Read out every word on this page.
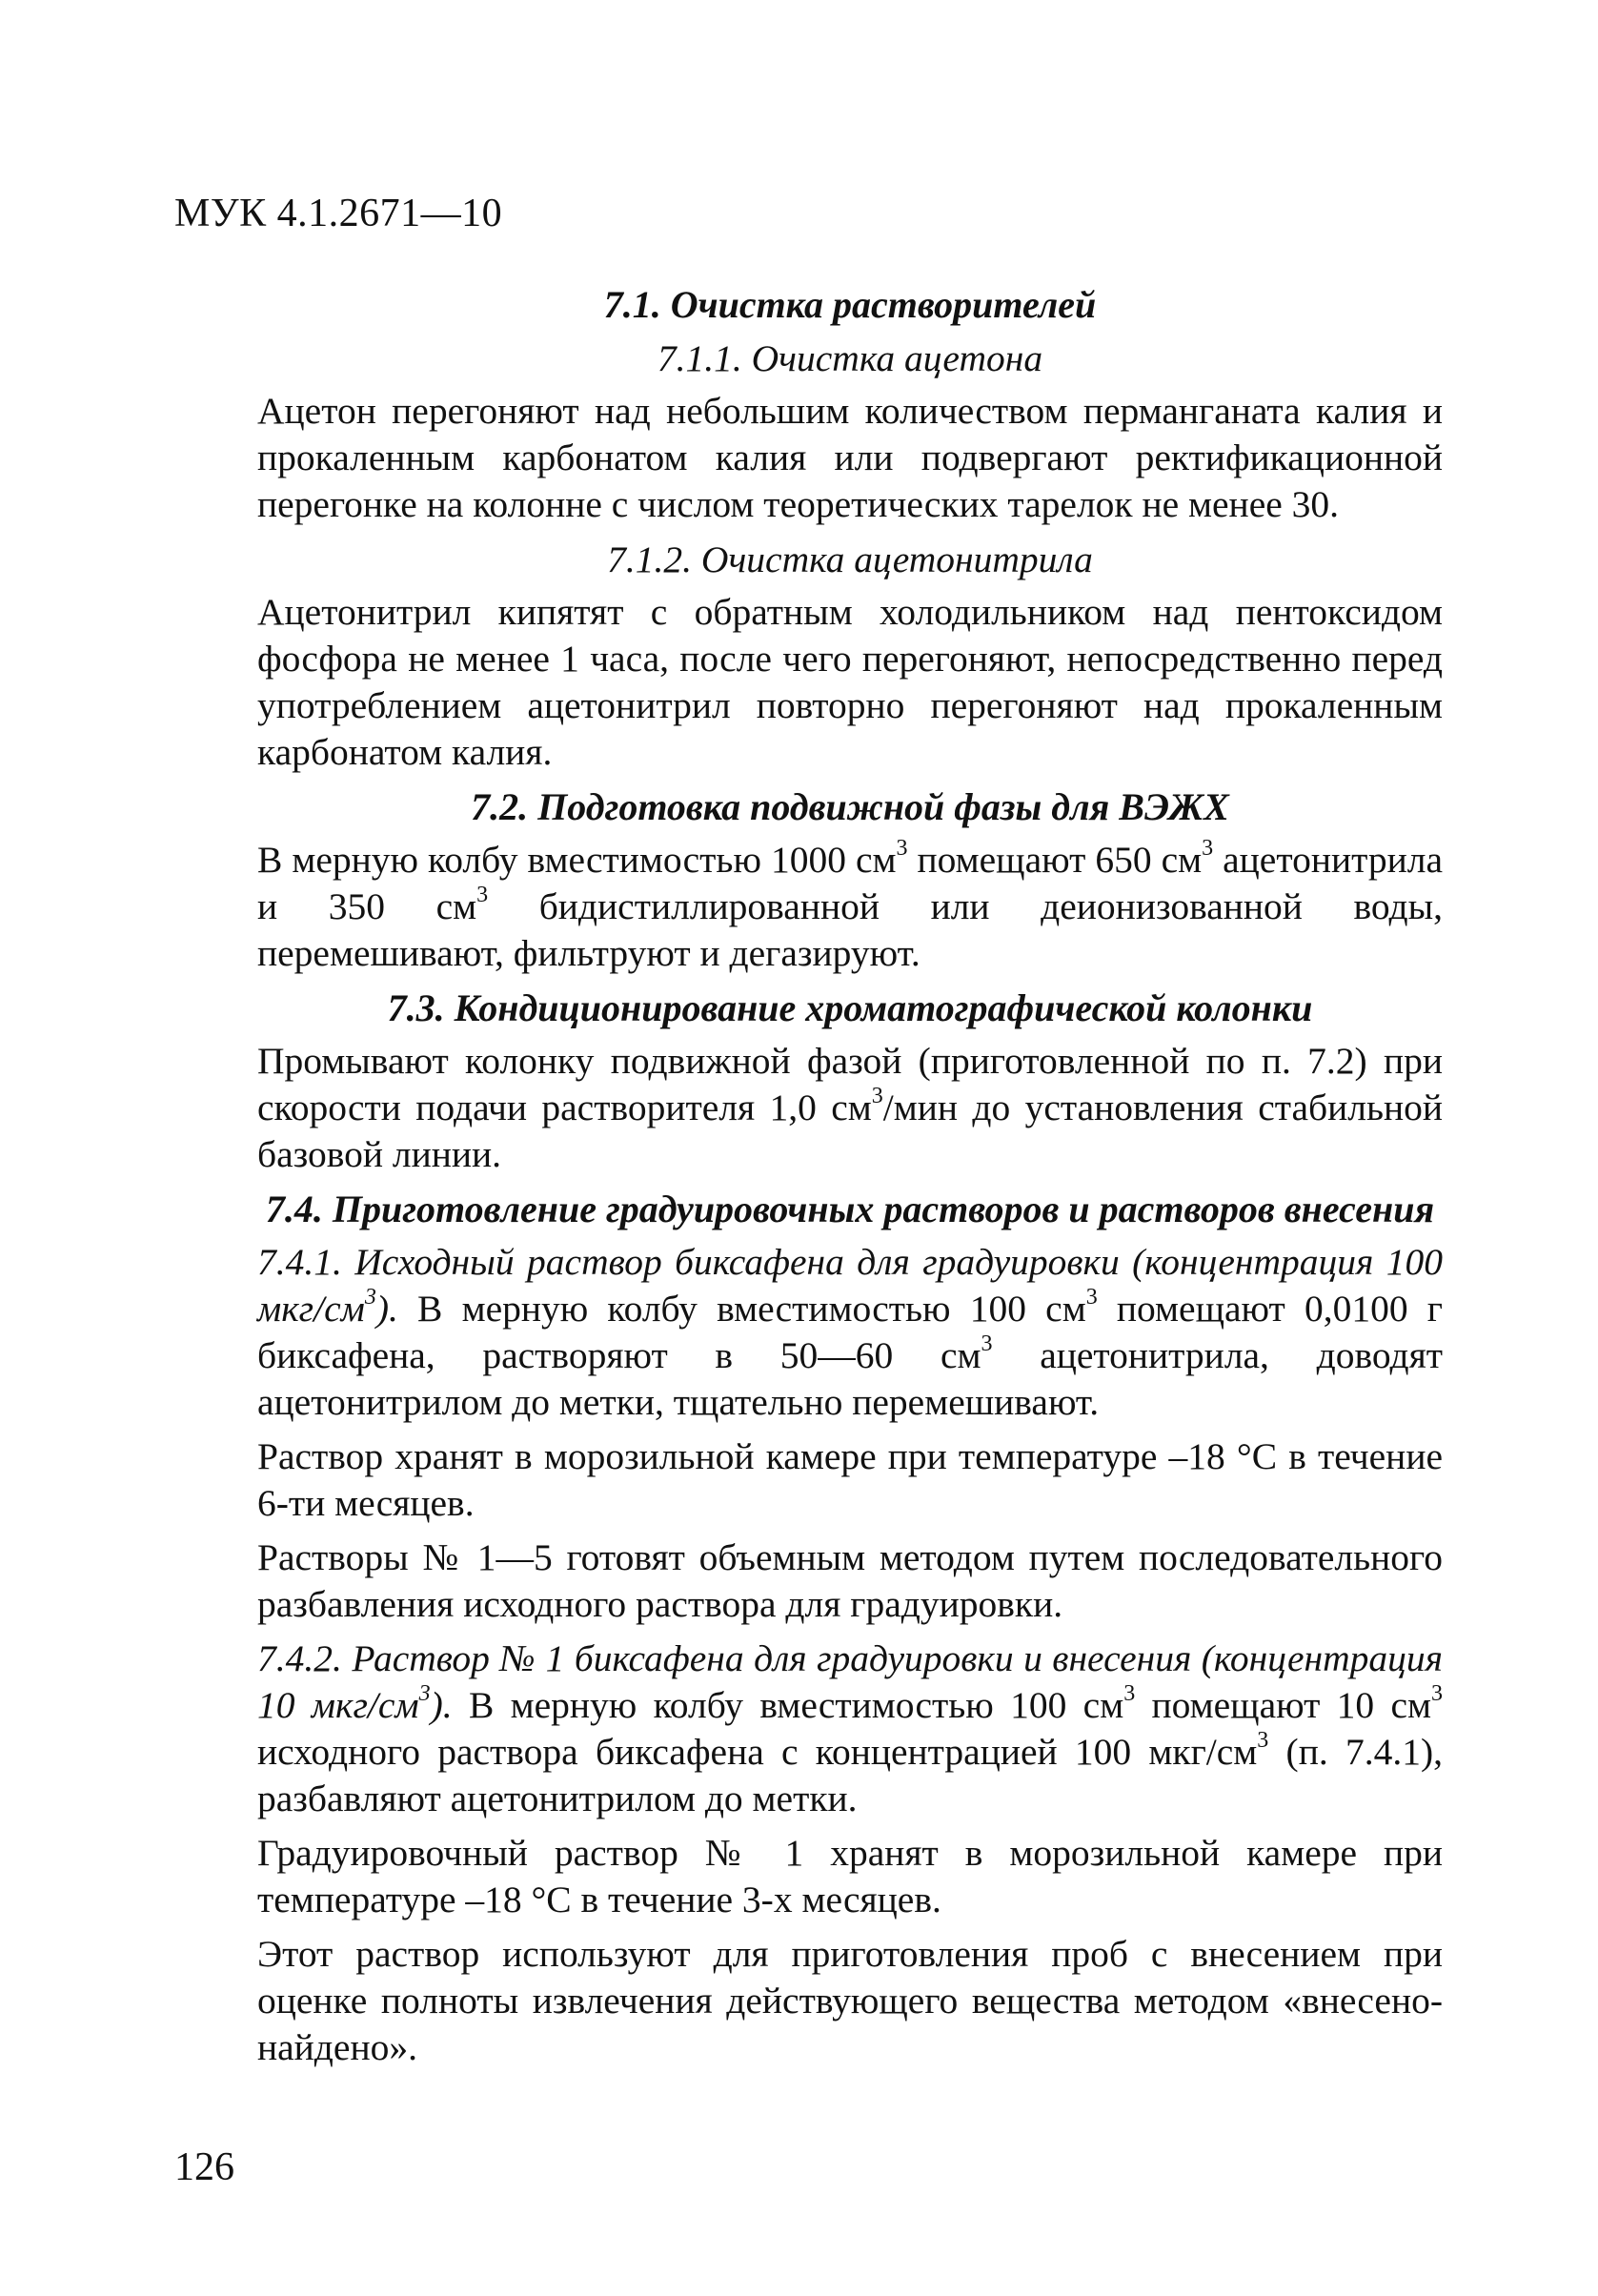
МУК 4.1.2671—10
7.1. Очистка растворителей
7.1.1. Очистка ацетона

Ацетон перегоняют над небольшим количеством перманганата калия и прокаленным карбонатом калия или подвергают ректификационной перегонке на колонне с числом теоретических тарелок не менее 30.

7.1.2. Очистка ацетонитрила

Ацетонитрил кипятят с обратным холодильником над пентоксидом фосфора не менее 1 часа, после чего перегоняют, непосредственно перед употреблением ацетонитрил повторно перегоняют над прокаленным карбонатом калия.

7.2. Подготовка подвижной фазы для ВЭЖХ

В мерную колбу вместимостью 1000 $см^3$ помещают 650 $см^3$ ацетонитрила и 350 $см^3$ бидистиллированной или деионизованной воды, перемешивают, фильтруют и дегазируют.

7.3. Кондиционирование хроматографической колонки

Промывают колонку подвижной фазой (приготовленной по п. 7.2) при скорости подачи растворителя 1,0 $см^3$/мин до установления стабильной базовой линии.

7.4. Приготовление градуировочных растворов и растворов внесения

7.4.1. Исходный раствор биксафена для градуировки (концентрация 100 мкг/$см^3$). В мерную колбу вместимостью 100 $см^3$ помещают 0,0100 г биксафена, растворяют в 50—60 $см^3$ ацетонитрила, доводят ацетонитрилом до метки, тщательно перемешивают.

Раствор хранят в морозильной камере при температуре –18 °С в течение 6-ти месяцев.

Растворы № 1—5 готовят объемным методом путем последовательного разбавления исходного раствора для градуировки.

7.4.2. Раствор № 1 биксафена для градуировки и внесения (концентрация 10 мкг/$см^3$). В мерную колбу вместимостью 100 $см^3$ помещают 10 $см^3$ исходного раствора биксафена с концентрацией 100 мкг/$см^3$ (п. 7.4.1), разбавляют ацетонитрилом до метки.

Градуировочный раствор № 1 хранят в морозильной камере при температуре –18 °С в течение 3-х месяцев.

Этот раствор используют для приготовления проб с внесением при оценке полноты извлечения действующего вещества методом «внесено-найдено».

126
